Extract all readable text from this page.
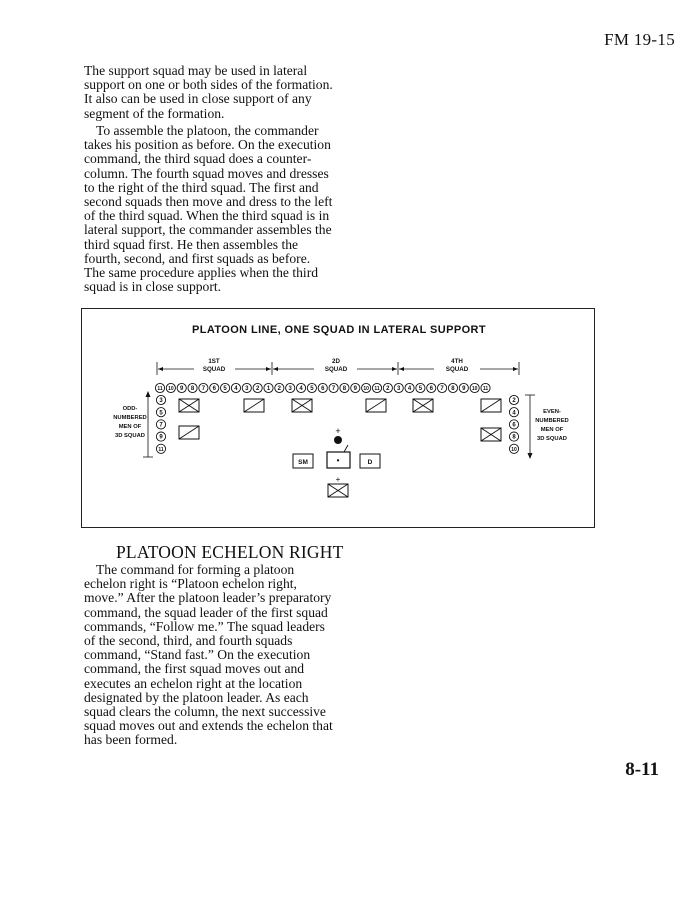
FM 19-15

The support squad may be used in lateral support on one or both sides of the formation. It also can be used in close support of any segment of the formation.

To assemble the platoon, the commander takes his position as before. On the execution command, the third squad does a counter-column. The fourth squad moves and dresses to the right of the third squad. The first and second squads then move and dress to the left of the third squad. When the third squad is in lateral support, the commander assembles the third squad first. He then assembles the fourth, second, and first squads as before. The same procedure applies when the third squad is in close support.

PLATOON LINE, ONE SQUAD IN LATERAL SUPPORT
1ST
SQUAD
2D
SQUAD
4TH
SQUAD
11 10 9 8 7 6 5 4 3 2 1 2 3 4 5 6 7 8 9 10 11 2 3 4 5 6 7 8 9 10 11
ODD-
NUMBERED
MEN OF
3D SQUAD
3
5
7
9
11
EVEN-
NUMBERED
MEN OF
3D SQUAD
2
4
6
8
10
+
+
SM	•	D
PLATOON ECHELON RIGHT

The command for forming a platoon echelon right is “Platoon echelon right, move.” After the platoon leader’s preparatory command, the squad leader of the first squad commands, “Follow me.” The squad leaders of the second, third, and fourth squads command, “Stand fast.” On the execution command, the first squad moves out and executes an echelon right at the location designated by the platoon leader. As each squad clears the column, the next successive squad moves out and extends the echelon that has been formed.

8-11
